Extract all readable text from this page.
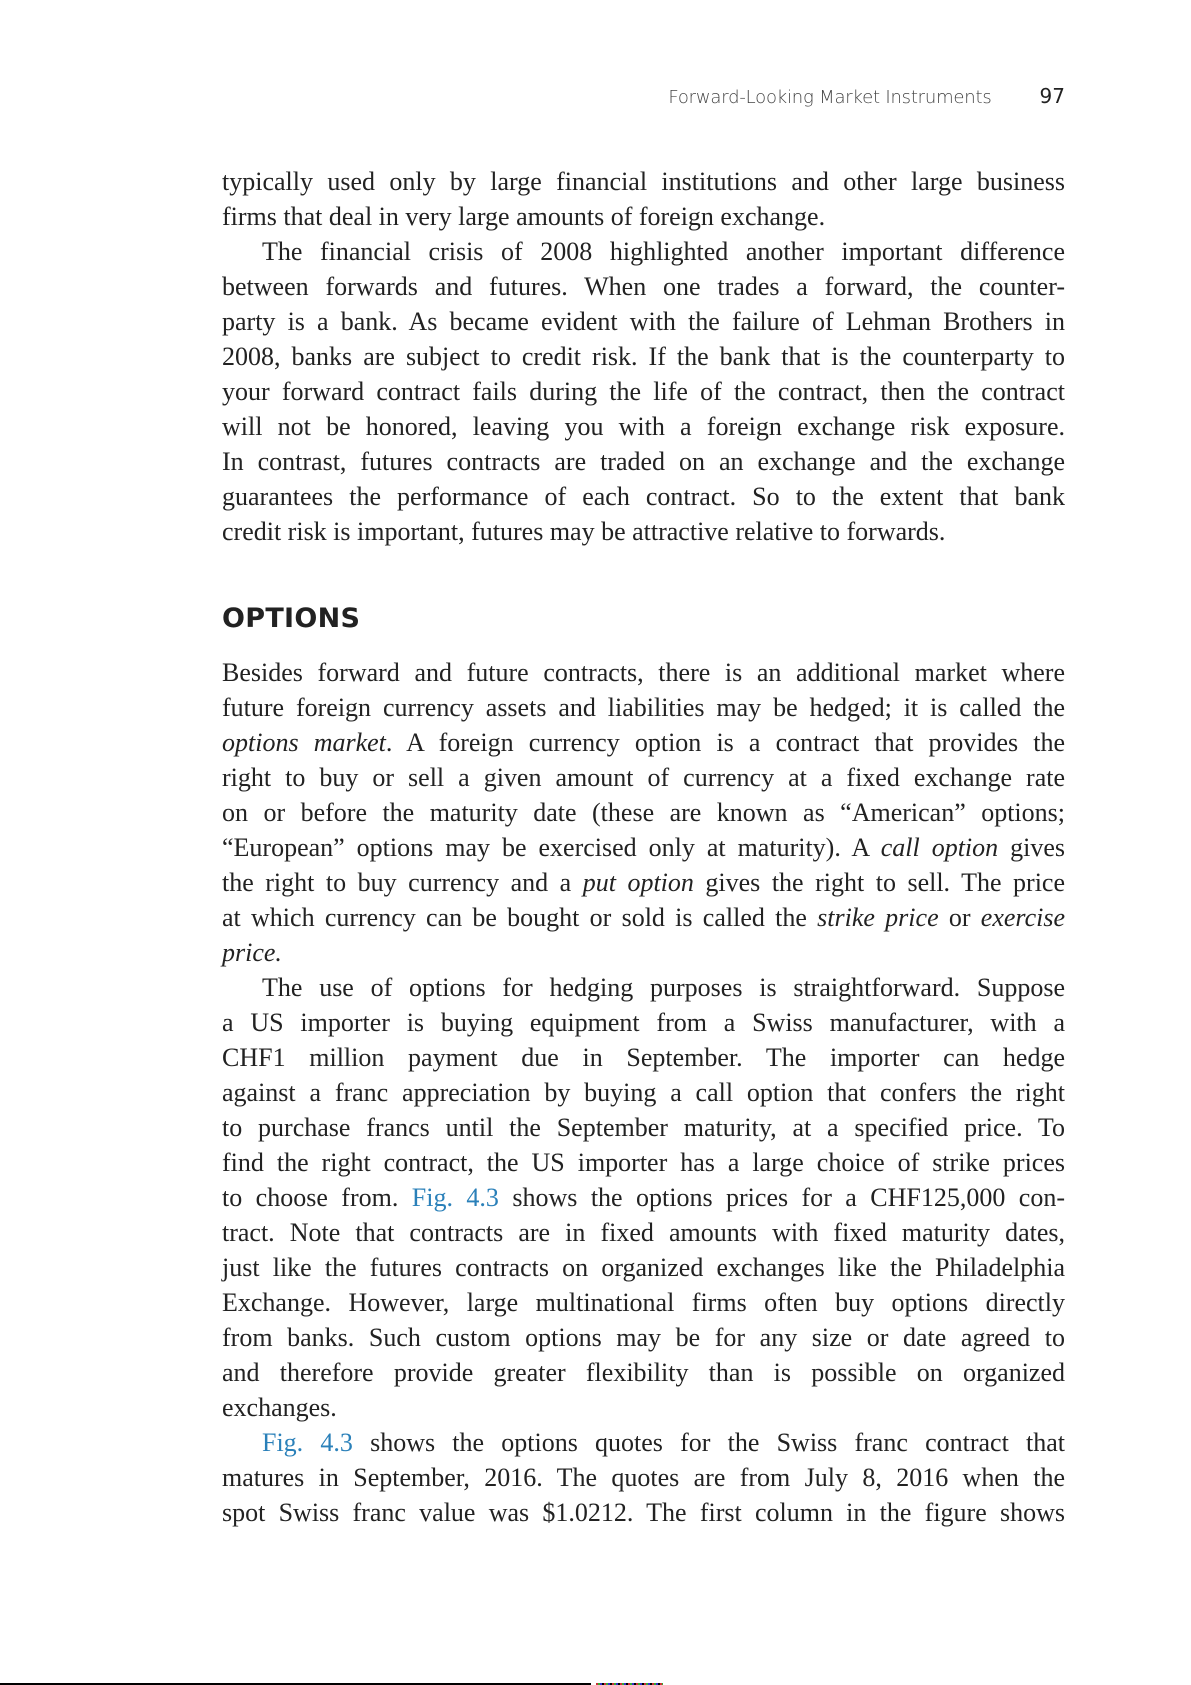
Forward-Looking Market Instruments 97
typically used only by large financial institutions and other large business
firms that deal in very large amounts of foreign exchange.
The financial crisis of 2008 highlighted another important difference
between forwards and futures. When one trades a forward, the counter-
party is a bank. As became evident with the failure of Lehman Brothers in
2008, banks are subject to credit risk. If the bank that is the counterparty to
your forward contract fails during the life of the contract, then the contract
will not be honored, leaving you with a foreign exchange risk exposure.
In contrast, futures contracts are traded on an exchange and the exchange
guarantees the performance of each contract. So to the extent that bank
credit risk is important, futures may be attractive relative to forwards.
OPTIONS
Besides forward and future contracts, there is an additional market where
future foreign currency assets and liabilities may be hedged; it is called the
options market. A foreign currency option is a contract that provides the
right to buy or sell a given amount of currency at a fixed exchange rate
on or before the maturity date (these are known as “American” options;
“European” options may be exercised only at maturity). A call option gives
the right to buy currency and a put option gives the right to sell. The price
at which currency can be bought or sold is called the strike price or exercise
price.
The use of options for hedging purposes is straightforward. Suppose
a US importer is buying equipment from a Swiss manufacturer, with a
CHF1 million payment due in September. The importer can hedge
against a franc appreciation by buying a call option that confers the right
to purchase francs until the September maturity, at a specified price. To
find the right contract, the US importer has a large choice of strike prices
to choose from. Fig. 4.3 shows the options prices for a CHF125,000 con-
tract. Note that contracts are in fixed amounts with fixed maturity dates,
just like the futures contracts on organized exchanges like the Philadelphia
Exchange. However, large multinational firms often buy options directly
from banks. Such custom options may be for any size or date agreed to
and therefore provide greater flexibility than is possible on organized
exchanges.
Fig. 4.3 shows the options quotes for the Swiss franc contract that
matures in September, 2016. The quotes are from July 8, 2016 when the
spot Swiss franc value was $1.0212. The first column in the figure shows
